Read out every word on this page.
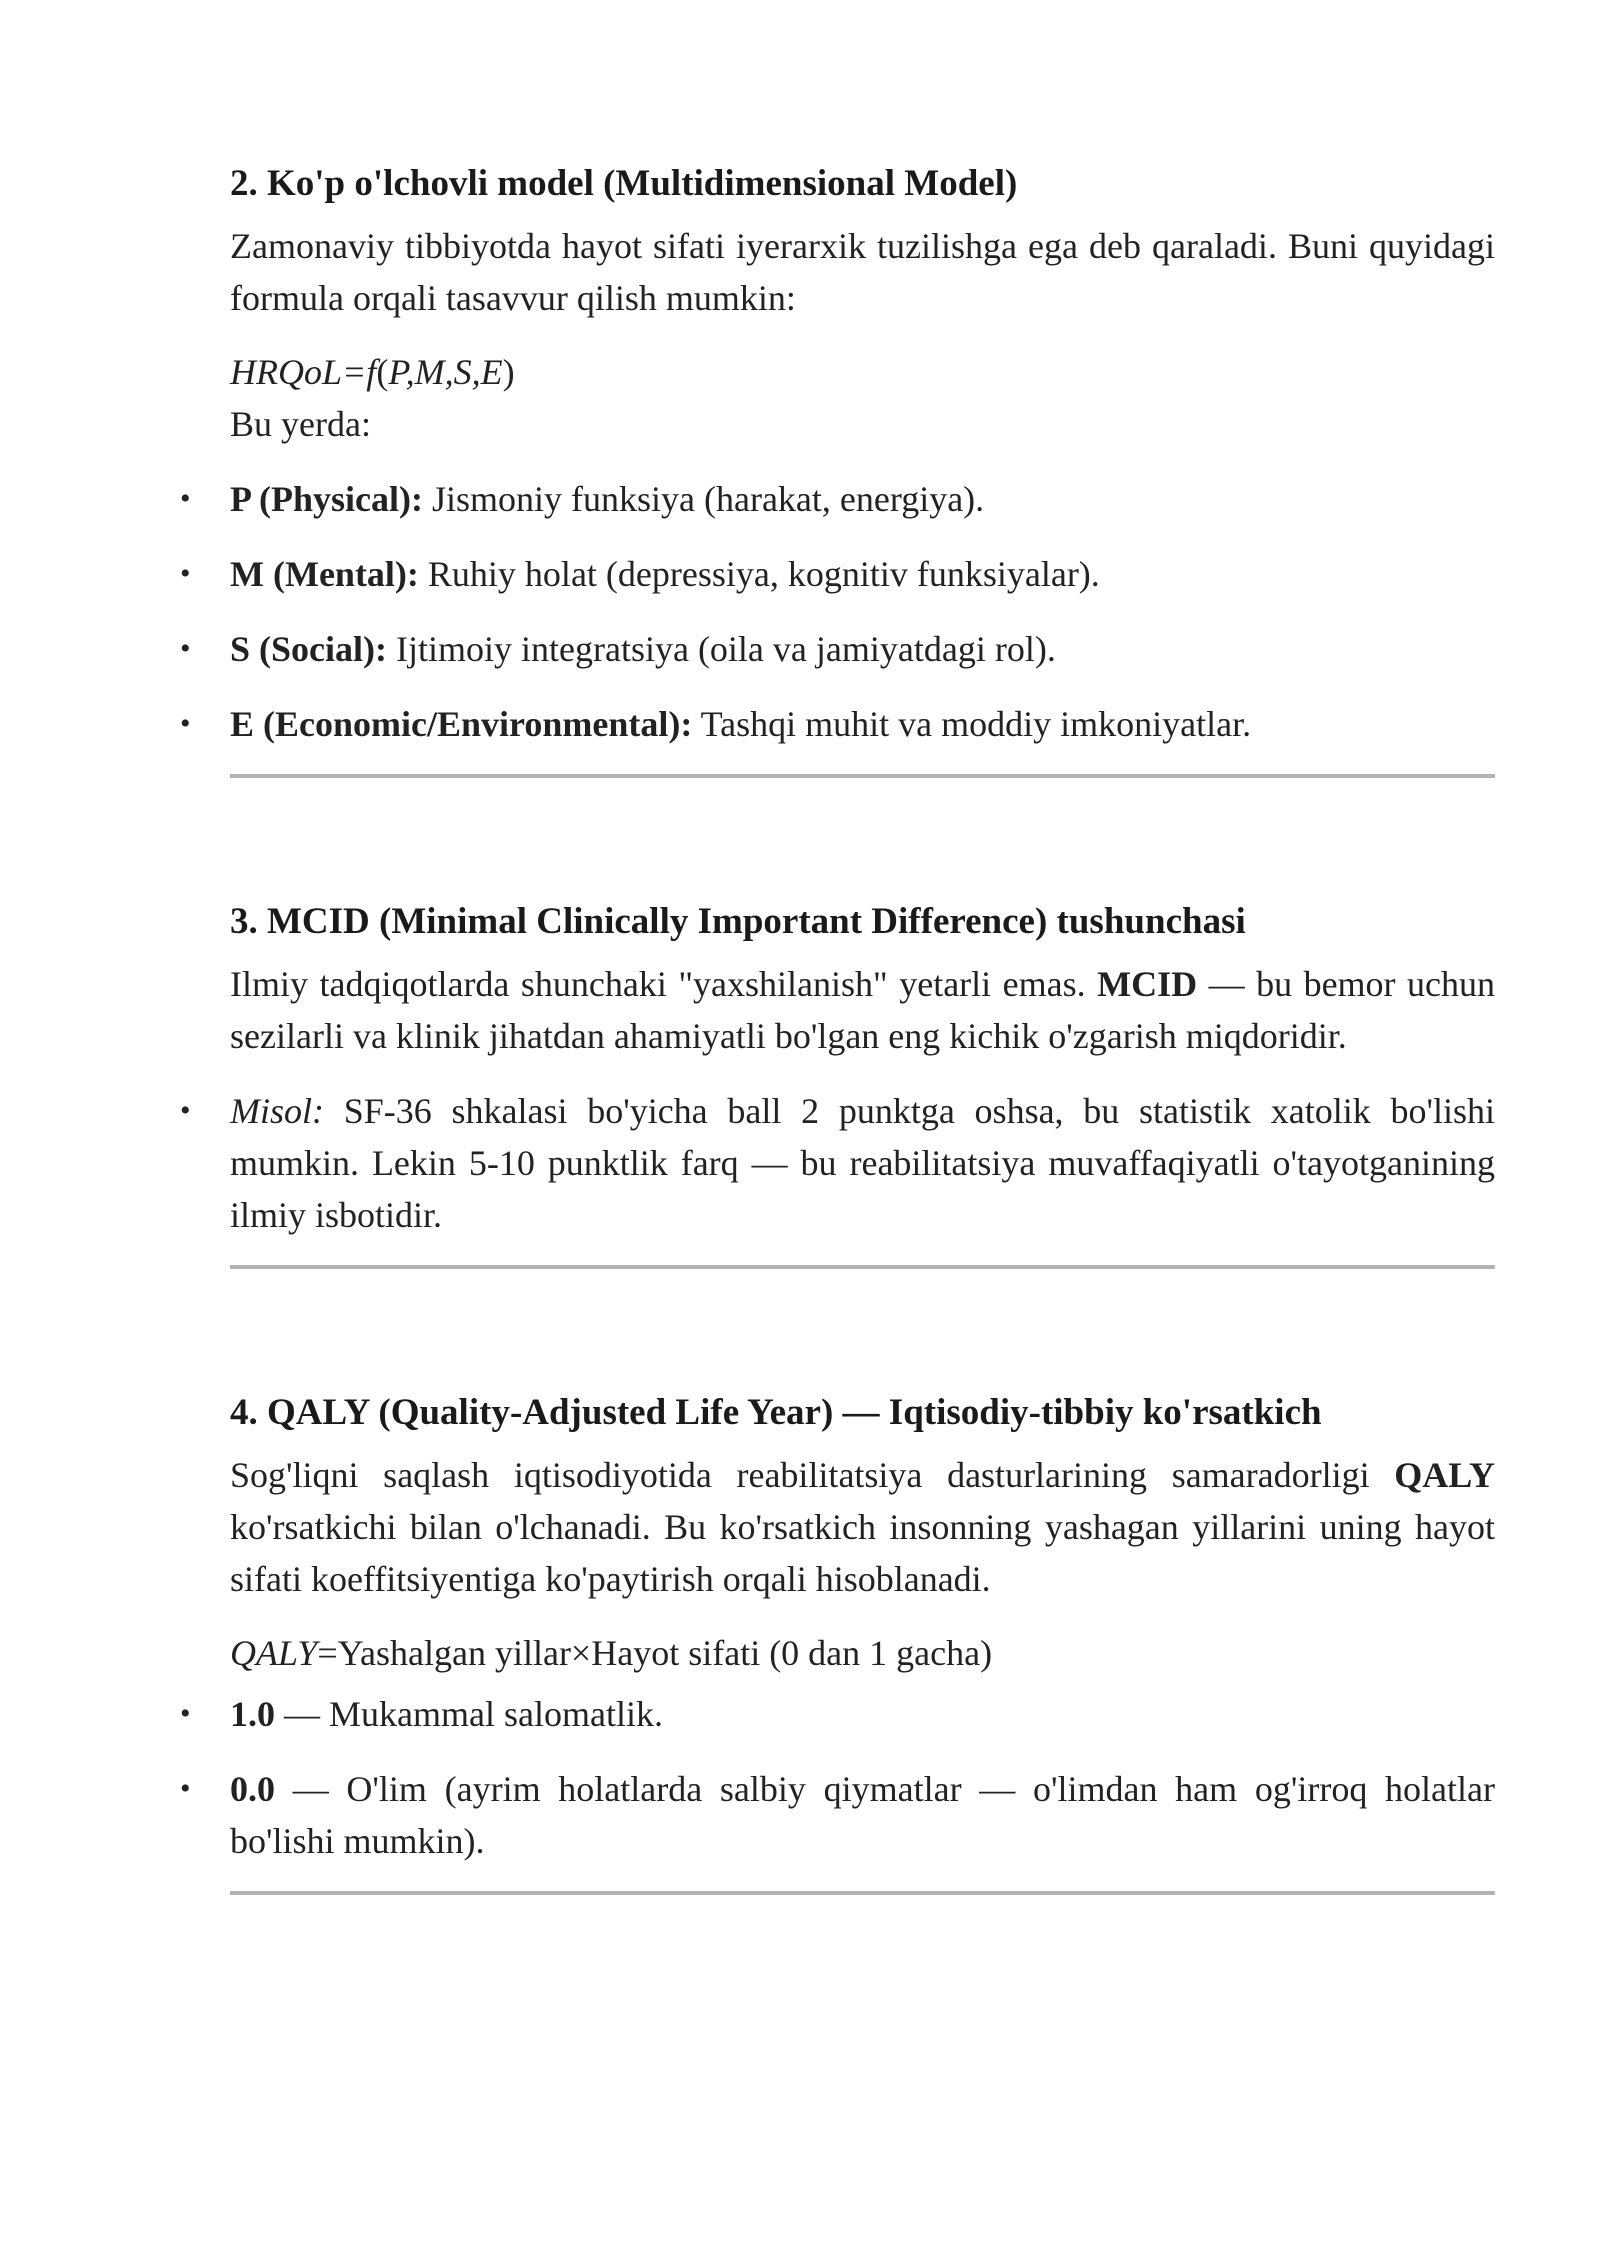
2. Ko'p o'lchovli model (Multidimensional Model)

Zamonaviy tibbiyotda hayot sifati iyerarxik tuzilishga ega deb qaraladi. Buni quyidagi formula orqali tasavvur qilish mumkin:

HRQoL=f(P,M,S,E)

Bu yerda:

• P (Physical): Jismoniy funksiya (harakat, energiya).
• M (Mental): Ruhiy holat (depressiya, kognitiv funksiyalar).
• S (Social): Ijtimoiy integratsiya (oila va jamiyatdagi rol).
• E (Economic/Environmental): Tashqi muhit va moddiy imkoniyatlar.
3. MCID (Minimal Clinically Important Difference) tushunchasi

Ilmiy tadqiqotlarda shunchaki "yaxshilanish" yetarli emas. MCID — bu bemor uchun sezilarli va klinik jihatdan ahamiyatli bo'lgan eng kichik o'zgarish miqdoridir.

• Misol: SF-36 shkalasi bo'yicha ball 2 punktga oshsa, bu statistik xatolik bo'lishi mumkin. Lekin 5-10 punktlik farq — bu reabilitatsiya muvaffaqiyatli o'tayotganining ilmiy isbotidir.
4. QALY (Quality-Adjusted Life Year) — Iqtisodiy-tibbiy ko'rsatkich

Sog'liqni saqlash iqtisodiyotida reabilitatsiya dasturlarining samaradorligi QALY ko'rsatkichi bilan o'lchanadi. Bu ko'rsatkich insonning yashagan yillarini uning hayot sifati koeffitsiyentiga ko'paytirish orqali hisoblanadi.

QALY=Yashalgan yillar×Hayot sifati (0 dan 1 gacha)
• 1.0 — Mukammal salomatlik.
• 0.0 — O'lim (ayrim holatlarda salbiy qiymatlar — o'limdan ham og'irroq holatlar bo'lishi mumkin).
